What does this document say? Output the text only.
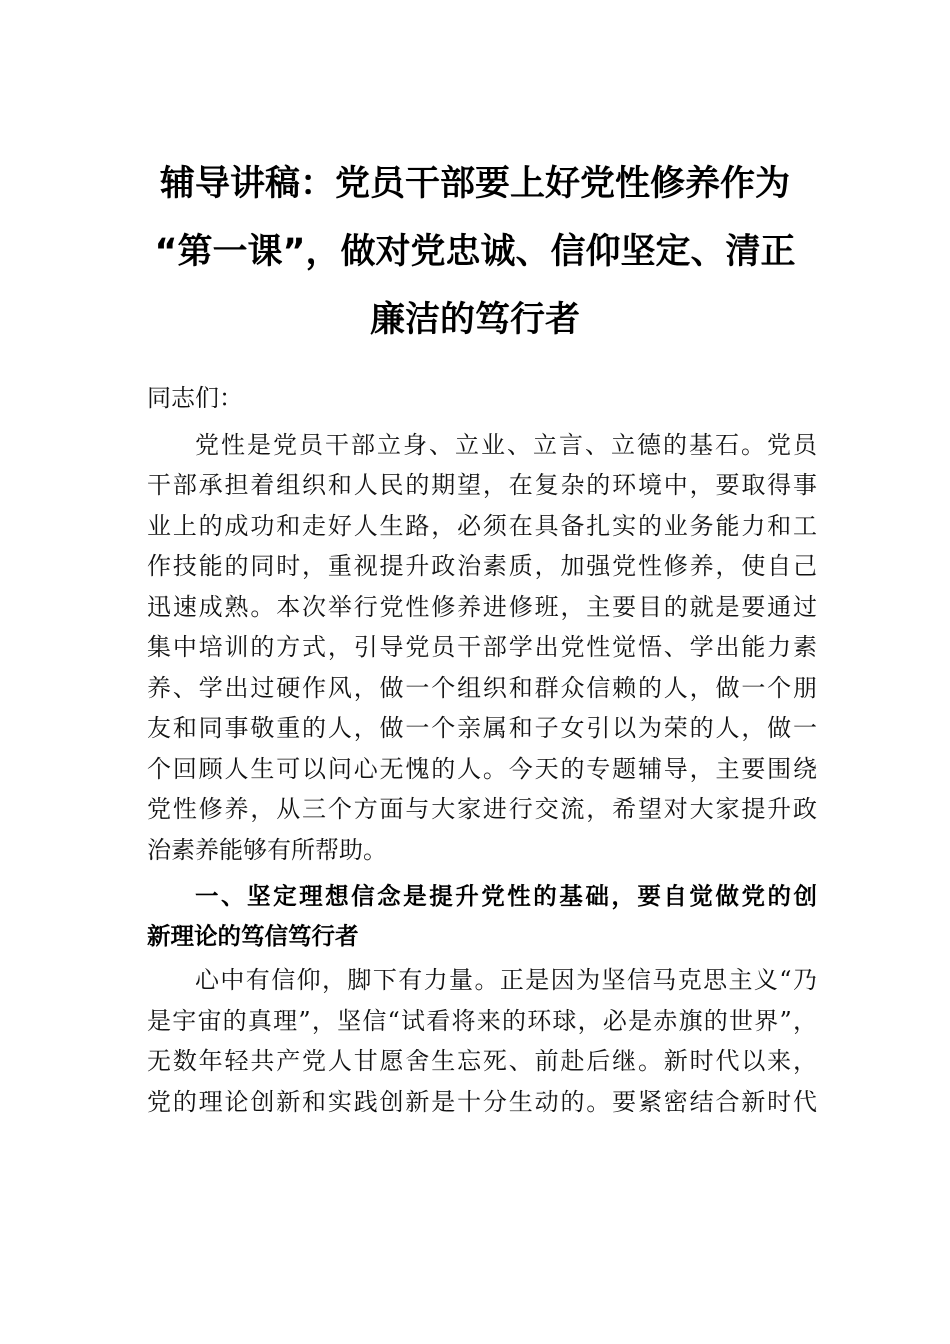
辅导讲稿：党员干部要上好党性修养作为
“第一课”，做对党忠诚、信仰坚定、清正
廉洁的笃行者
同志们：
党性是党员干部立身、立业、立言、立德的基石。党员
干部承担着组织和人民的期望，在复杂的环境中，要取得事
业上的成功和走好人生路，必须在具备扎实的业务能力和工
作技能的同时，重视提升政治素质，加强党性修养，使自己
迅速成熟。本次举行党性修养进修班，主要目的就是要通过
集中培训的方式，引导党员干部学出党性觉悟、学出能力素
养、学出过硬作风，做一个组织和群众信赖的人，做一个朋
友和同事敬重的人，做一个亲属和子女引以为荣的人，做一
个回顾人生可以问心无愧的人。今天的专题辅导，主要围绕
党性修养，从三个方面与大家进行交流，希望对大家提升政
治素养能够有所帮助。
一、坚定理想信念是提升党性的基础，要自觉做党的创
新理论的笃信笃行者
心中有信仰，脚下有力量。正是因为坚信马克思主义“乃
是宇宙的真理”，坚信“试看将来的环球，必是赤旗的世界”，
无数年轻共产党人甘愿舍生忘死、前赴后继。新时代以来，
党的理论创新和实践创新是十分生动的。要紧密结合新时代
